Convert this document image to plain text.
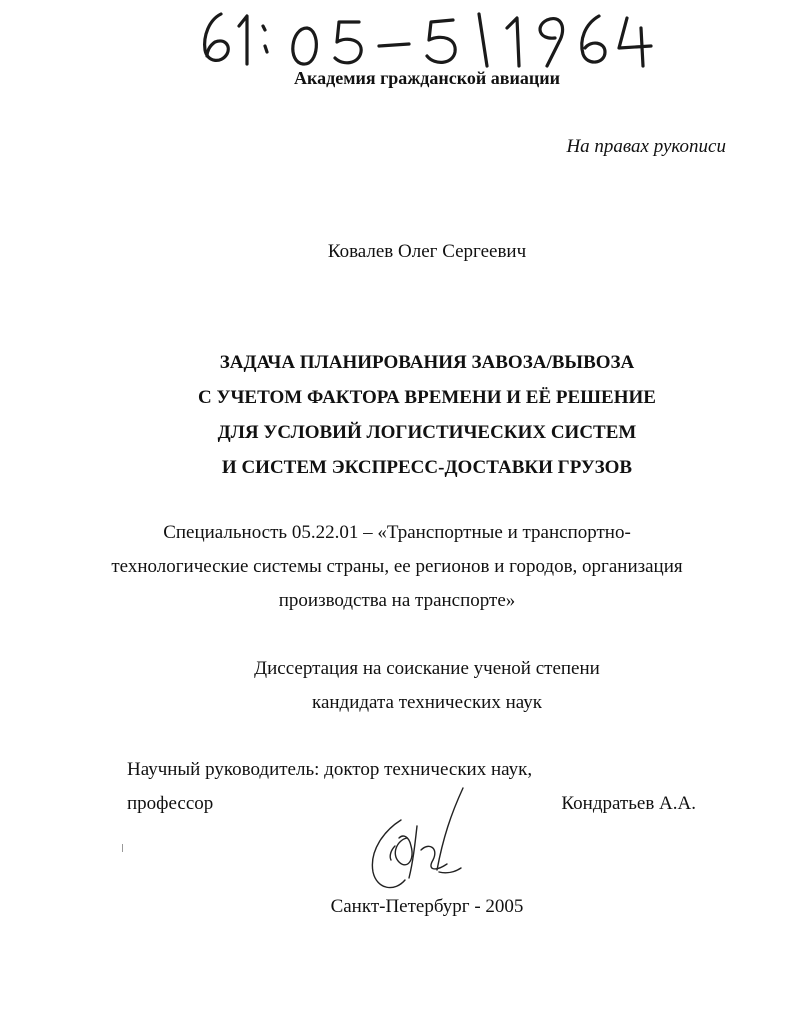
Академия гражданской авиации
На правах рукописи
Ковалев Олег Сергеевич
ЗАДАЧА ПЛАНИРОВАНИЯ ЗАВОЗА/ВЫВОЗА
С УЧЕТОМ ФАКТОРА ВРЕМЕНИ И ЕЁ РЕШЕНИЕ
ДЛЯ УСЛОВИЙ ЛОГИСТИЧЕСКИХ СИСТЕМ
И СИСТЕМ ЭКСПРЕСС-ДОСТАВКИ ГРУЗОВ
Специальность 05.22.01 – «Транспортные и транспортно-
технологические системы страны, ее регионов и городов, организация
производства на транспорте»
Диссертация на соискание ученой степени
кандидата технических наук
Научный руководитель: доктор технических наук,
профессор	Кондратьев А.А.
Санкт-Петербург - 2005
